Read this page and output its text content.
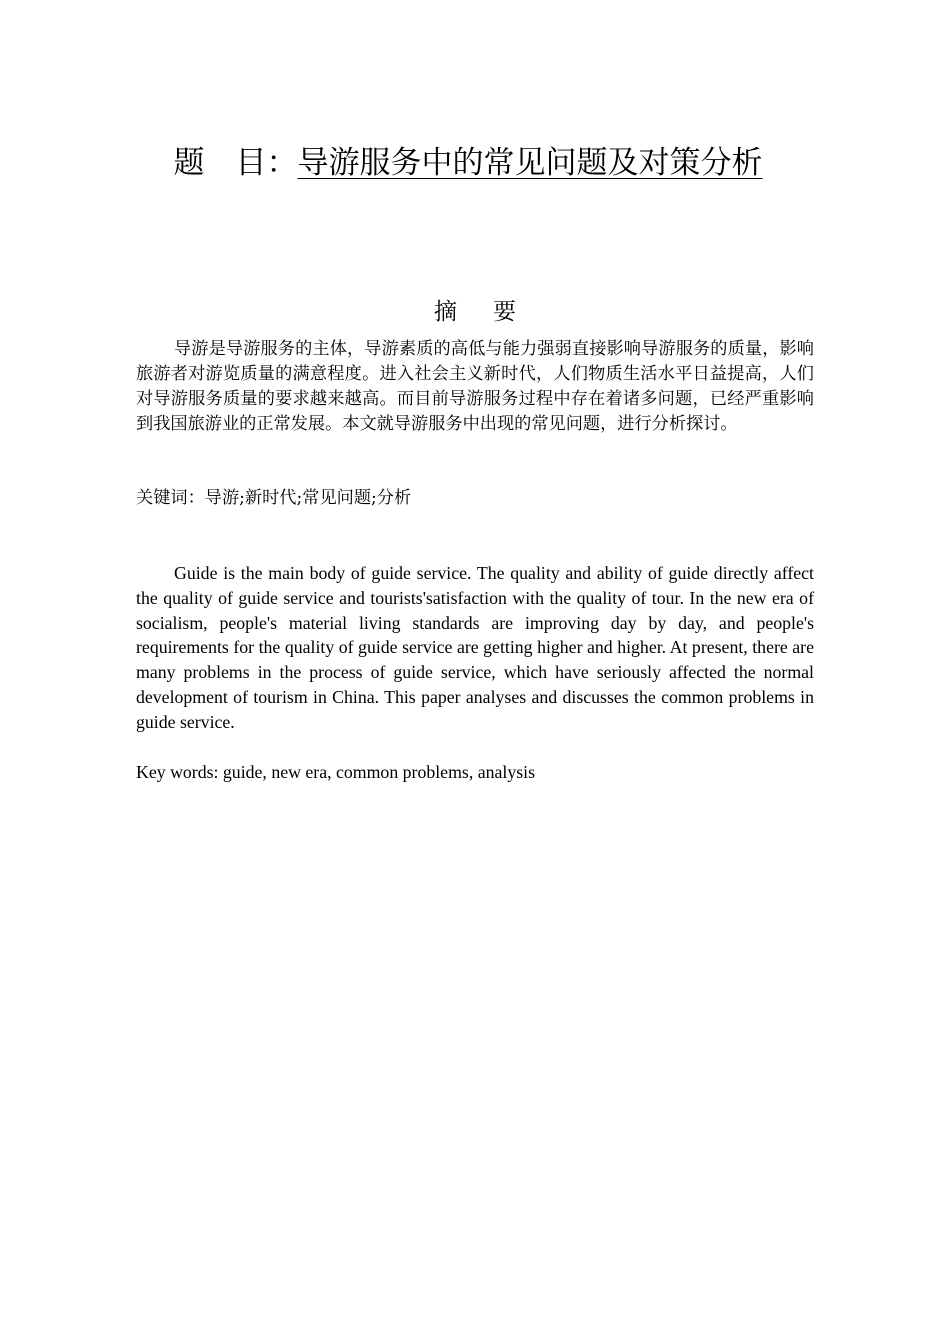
题　目：导游服务中的常见问题及对策分析
摘要

导游是导游服务的主体，导游素质的高低与能力强弱直接影响导游服务的质量，影响旅游者对游览质量的满意程度。进入社会主义新时代，人们物质生活水平日益提高，人们对导游服务质量的要求越来越高。而目前导游服务过程中存在着诸多问题，已经严重影响到我国旅游业的正常发展。本文就导游服务中出现的常见问题，进行分析探讨。

关键词：导游;新时代;常见问题;分析

Guide is the main body of guide service. The quality and ability of guide directly affect the quality of guide service and tourists'satisfaction with the quality of tour. In the new era of socialism, people's material living standards are improving day by day, and people's requirements for the quality of guide service are getting higher and higher. At present, there are many problems in the process of guide service, which have seriously affected the normal development of tourism in China. This paper analyses and discusses the common problems in guide service.

Key words: guide, new era, common problems, analysis
